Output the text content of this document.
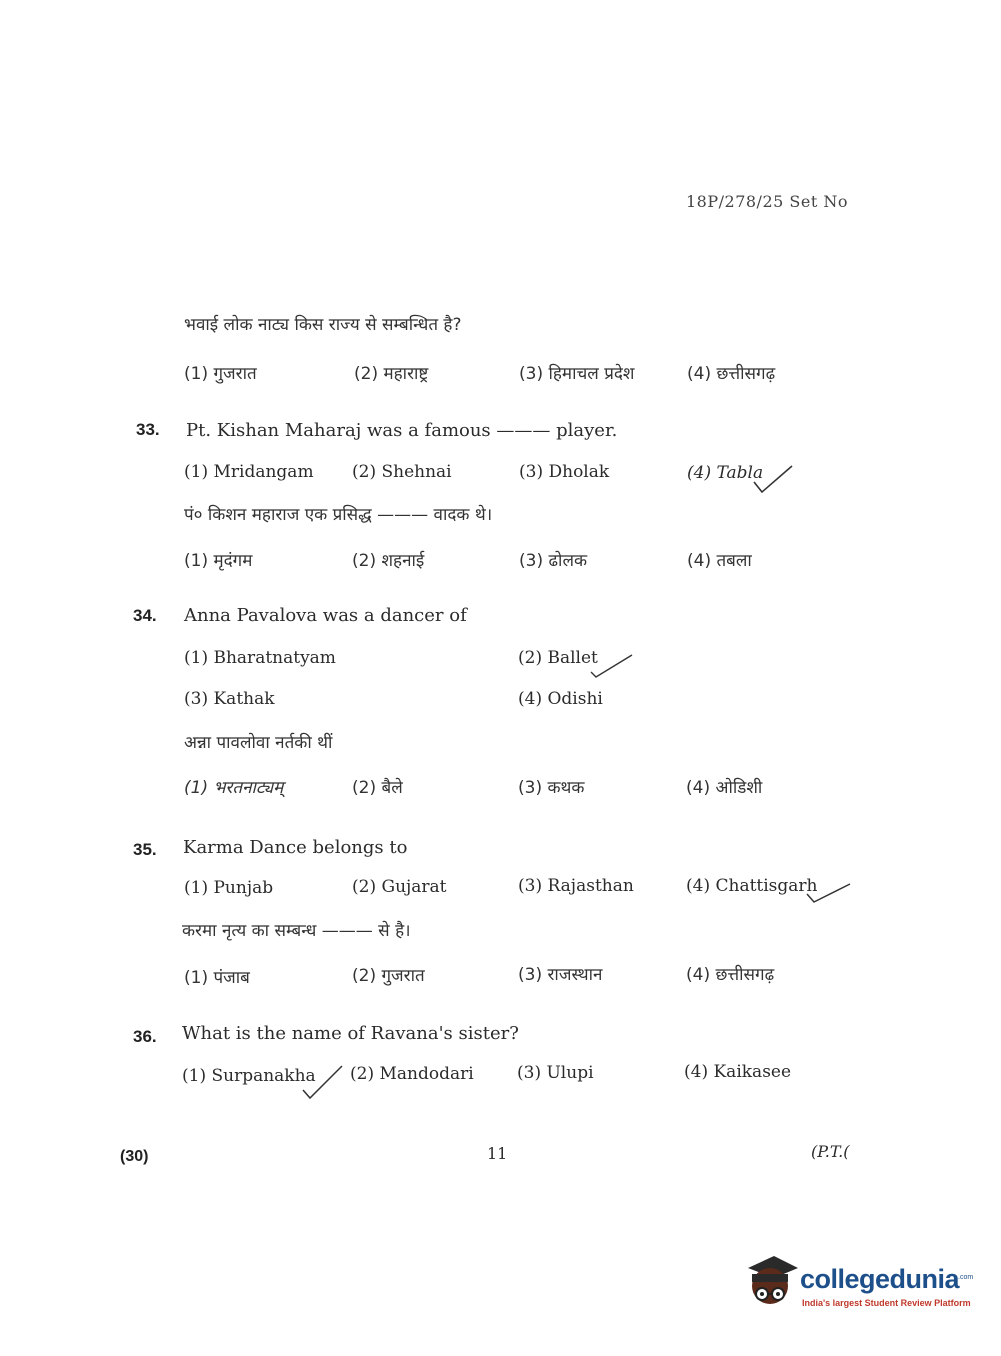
18P/278/25 Set No
भवाई लोक नाट्य किस राज्य से सम्बन्धित है?
(1) गुजरात	(2) महाराष्ट्र	(3) हिमाचल प्रदेश	(4) छत्तीसगढ़
33. Pt. Kishan Maharaj was a famous ——— player.
(1) Mridangam (2) Shehnai	(3) Dholak	(4) Tabla
पं० किशन महाराज एक प्रसिद्ध ——— वादक थे।
(1) मृदंगम	(2) शहनाई	(3) ढोलक	(4) तबला
34. Anna Pavalova was a dancer of
(1) Bharatnatyam	(2) Ballet
(3) Kathak	(4) Odishi
अन्ना पावलोवा नर्तकी थीं
(1) भरतनाट्यम्	(2) बैले	(3) कथक	(4) ओडिशी
35. Karma Dance belongs to
(1) Punjab	(2) Gujarat	(3) Rajasthan	(4) Chattisgarh
करमा नृत्य का सम्बन्ध ——— से है।
(1) पंजाब	(2) गुजरात	(3) राजस्थान	(4) छत्तीसगढ़
36. What is the name of Ravana's sister?
(1) Surpanakha (2) Mandodari	(3) Ulupi	(4) Kaikasee
(30)	11	(P.T.(
collegedunia
.com
India's largest Student Review Platform
